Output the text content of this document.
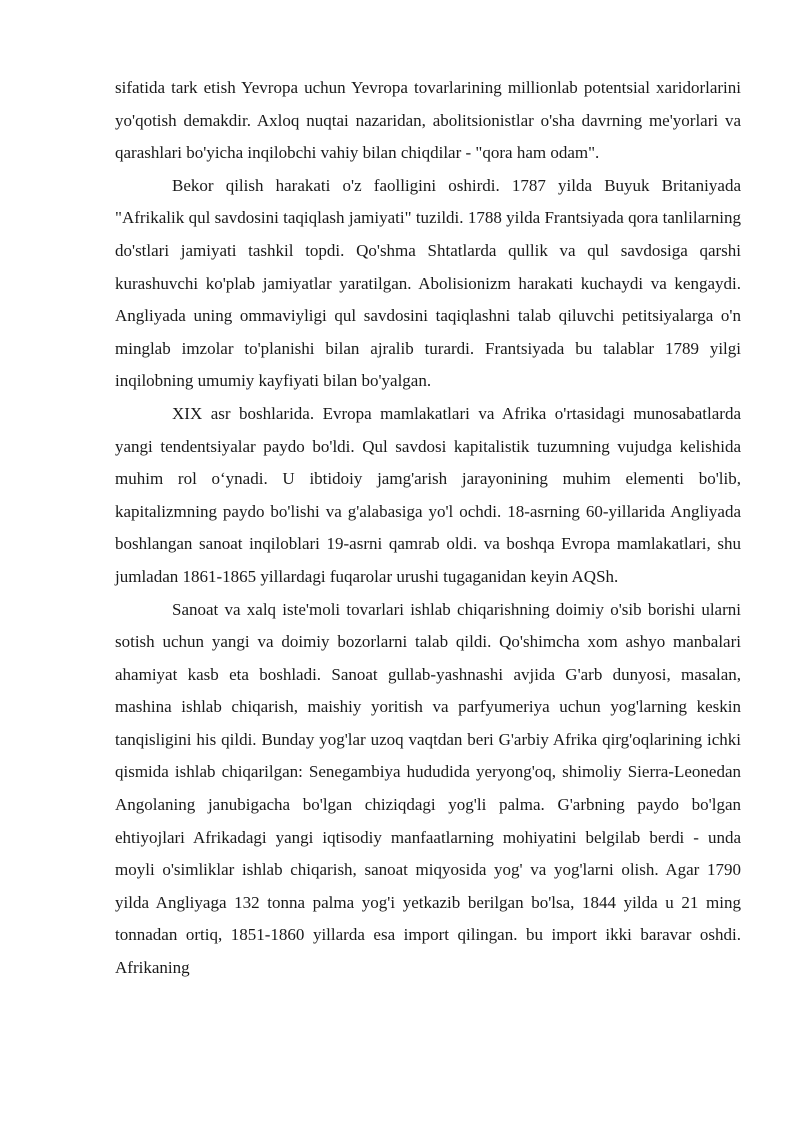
sifatida tark etish Yevropa uchun Yevropa tovarlarining millionlab potentsial xaridorlarini yo'qotish demakdir. Axloq nuqtai nazaridan, abolitsionistlar o'sha davrning me'yorlari va qarashlari bo'yicha inqilobchi vahiy bilan chiqdilar - "qora ham odam".

Bekor qilish harakati o'z faolligini oshirdi. 1787 yilda Buyuk Britaniyada "Afrikalik qul savdosini taqiqlash jamiyati" tuzildi. 1788 yilda Frantsiyada qora tanlilarning do'stlari jamiyati tashkil topdi. Qo'shma Shtatlarda qullik va qul savdosiga qarshi kurashuvchi ko'plab jamiyatlar yaratilgan. Abolisionizm harakati kuchaydi va kengaydi. Angliyada uning ommaviyligi qul savdosini taqiqlashni talab qiluvchi petitsiyalarga o'n minglab imzolar to'planishi bilan ajralib turardi. Frantsiyada bu talablar 1789 yilgi inqilobning umumiy kayfiyati bilan bo'yalgan.

XIX asr boshlarida. Evropa mamlakatlari va Afrika o'rtasidagi munosabatlarda yangi tendentsiyalar paydo bo'ldi. Qul savdosi kapitalistik tuzumning vujudga kelishida muhim rol o‘ynadi. U ibtidoiy jamg'arish jarayonining muhim elementi bo'lib, kapitalizmning paydo bo'lishi va g'alabasiga yo'l ochdi. 18-asrning 60-yillarida Angliyada boshlangan sanoat inqiloblari 19-asrni qamrab oldi. va boshqa Evropa mamlakatlari, shu jumladan 1861-1865 yillardagi fuqarolar urushi tugaganidan keyin AQSh.

Sanoat va xalq iste'moli tovarlari ishlab chiqarishning doimiy o'sib borishi ularni sotish uchun yangi va doimiy bozorlarni talab qildi. Qo'shimcha xom ashyo manbalari ahamiyat kasb eta boshladi. Sanoat gullab-yashnashi avjida G'arb dunyosi, masalan, mashina ishlab chiqarish, maishiy yoritish va parfyumeriya uchun yog'larning keskin tanqisligini his qildi. Bunday yog'lar uzoq vaqtdan beri G'arbiy Afrika qirg'oqlarining ichki qismida ishlab chiqarilgan: Senegambiya hududida yeryong'oq, shimoliy Sierra-Leonedan Angolaning janubigacha bo'lgan chiziqdagi yog'li palma. G'arbning paydo bo'lgan ehtiyojlari Afrikadagi yangi iqtisodiy manfaatlarning mohiyatini belgilab berdi - unda moyli o'simliklar ishlab chiqarish, sanoat miqyosida yog' va yog'larni olish. Agar 1790 yilda Angliyaga 132 tonna palma yog'i yetkazib berilgan bo'lsa, 1844 yilda u 21 ming tonnadan ortiq, 1851-1860 yillarda esa import qilingan. bu import ikki baravar oshdi. Afrikaning
